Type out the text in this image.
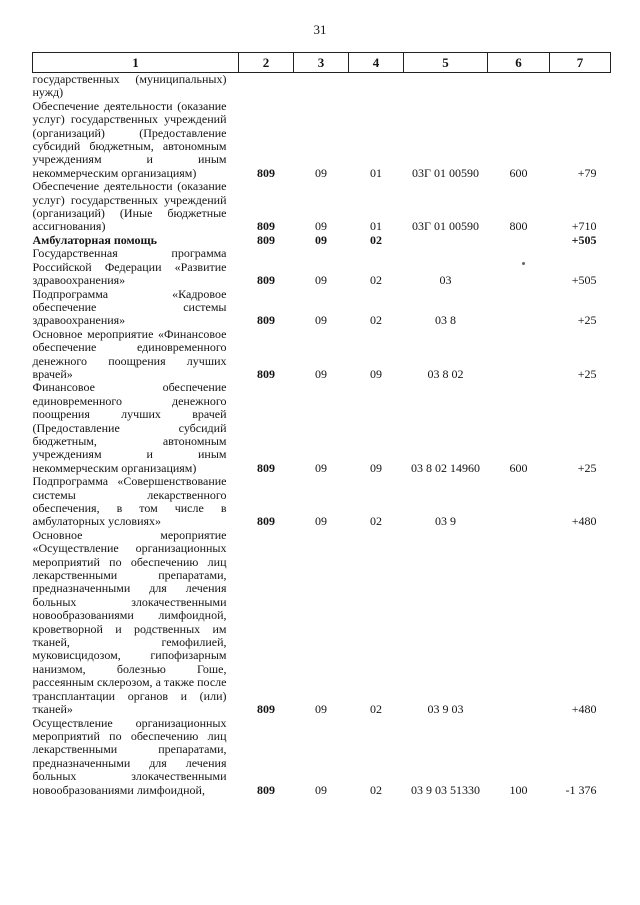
31
1	2	3	4	5	6	7
государственных (муниципальных) нужд)						
Обеспечение деятельности (оказание услуг) государственных учреждений (организаций) (Предоставление субсидий бюджетным, автономным учреждениям и иным некоммерческим организациям)	809	09	01	03Г 01 00590	600	+79
Обеспечение деятельности (оказание услуг) государственных учреждений (организаций) (Иные бюджетные ассигнования)	809	09	01	03Г 01 00590	800	+710
Амбулаторная помощь	809	09	02			+505
Государственная программа Российской Федерации «Развитие здравоохранения»	809	09	02	03		+505
Подпрограмма «Кадровое обеспечение системы здравоохранения»	809	09	02	03 8		+25
Основное мероприятие «Финансовое обеспечение единовременного денежного поощрения лучших врачей»	809	09	09	03 8 02		+25
Финансовое обеспечение единовременного денежного поощрения лучших врачей (Предоставление субсидий бюджетным, автономным учреждениям и иным некоммерческим организациям)	809	09	09	03 8 02 14960	600	+25
Подпрограмма «Совершенствование системы лекарственного обеспечения, в том числе в амбулаторных условиях»	809	09	02	03 9		+480
Основное мероприятие «Осуществление организационных мероприятий по обеспечению лиц лекарственными препаратами, предназначенными для лечения больных злокачественными новообразованиями лимфоидной, кроветворной и родственных им тканей, гемофилией, муковисцидозом, гипофизарным нанизмом, болезнью Гоше, рассеянным склерозом, а также после трансплантации органов и (или) тканей»	809	09	02	03 9 03		+480
Осуществление организационных мероприятий по обеспечению лиц лекарственными препаратами, предназначенными для лечения больных злокачественными новообразованиями лимфоидной,	809	09	02	03 9 03 51330	100	-1 376
